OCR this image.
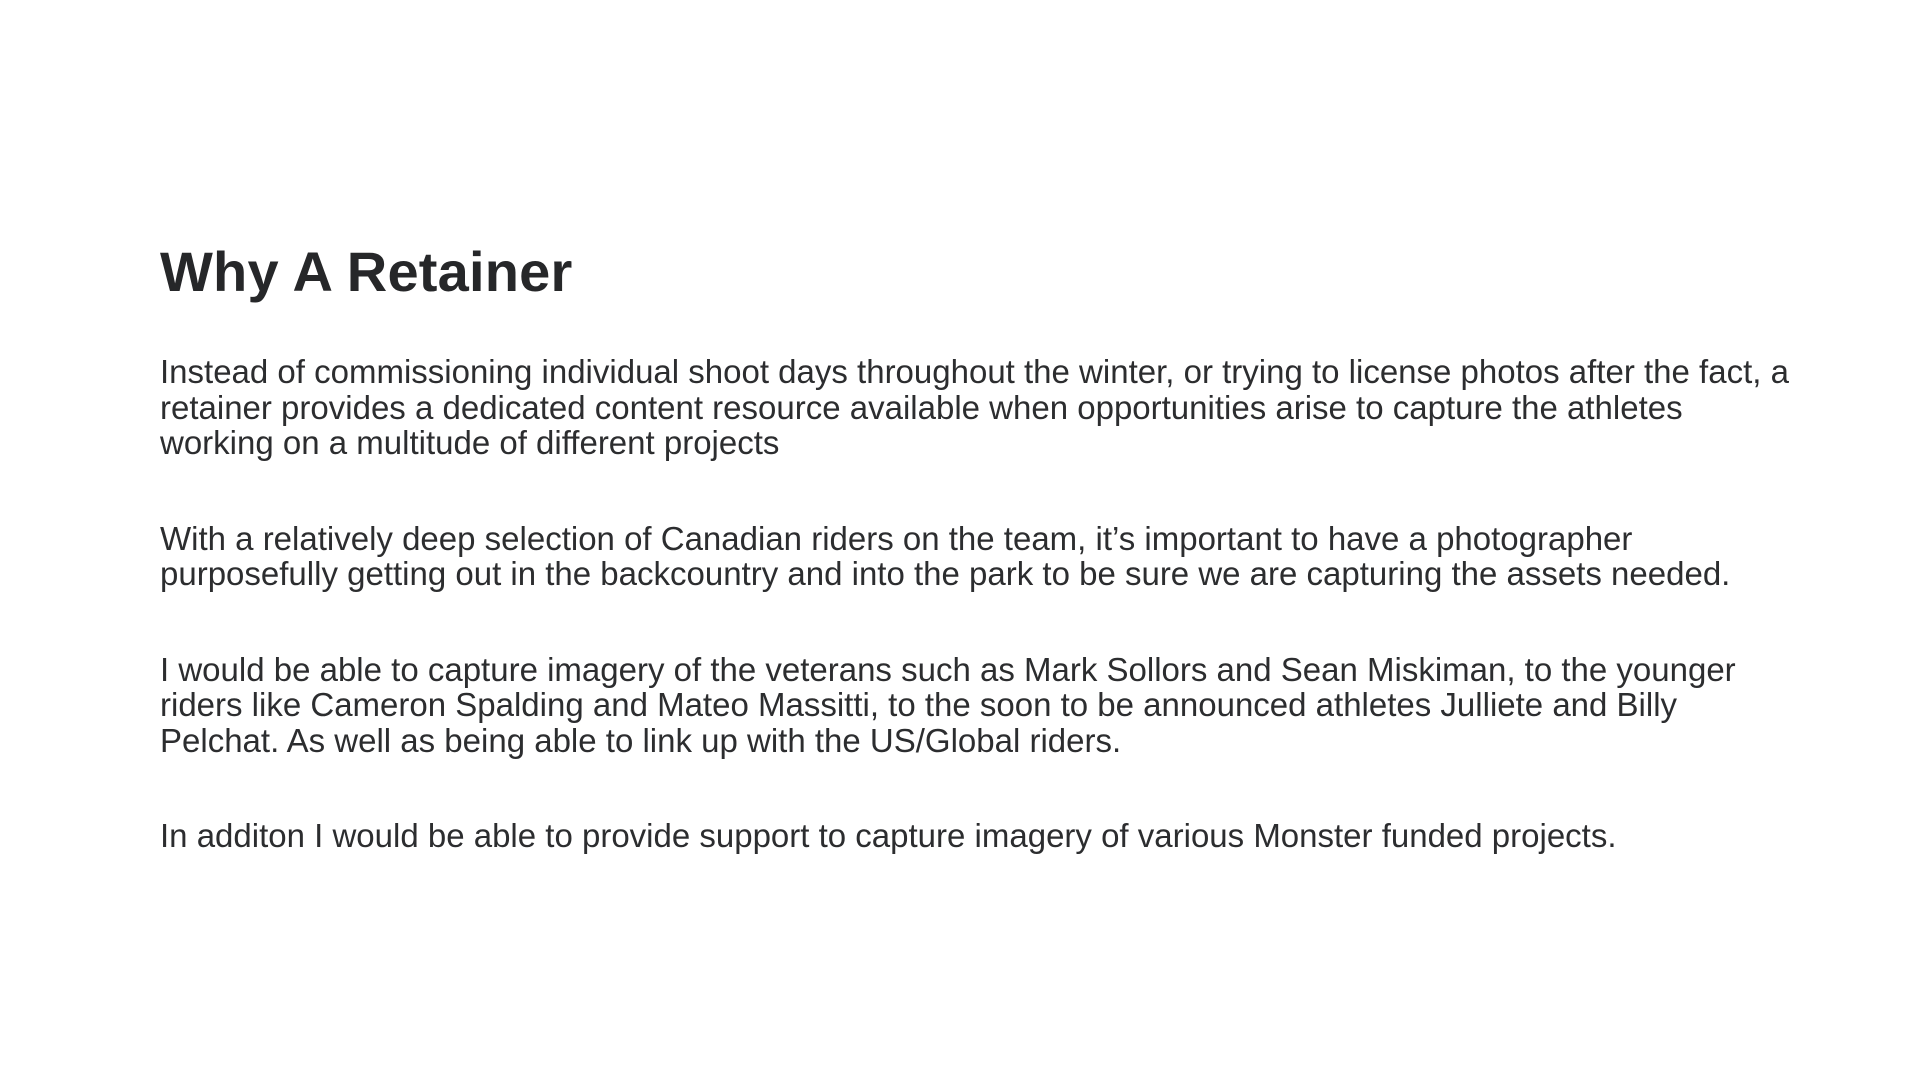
Why A Retainer

Instead of commissioning individual shoot days throughout the winter, or trying to license photos after the fact, a retainer provides a dedicated content resource available when opportunities arise to capture the athletes working on a multitude of different projects

With a relatively deep selection of Canadian riders on the team, it’s important to have a photographer purposefully getting out in the backcountry and into the park to be sure we are capturing the assets needed.

I would be able to capture imagery of the veterans such as Mark Sollors and Sean Miskiman, to the younger riders like Cameron Spalding and Mateo Massitti, to the soon to be announced athletes Julliete and Billy Pelchat. As well as being able to link up with the US/Global riders.

In additon I would be able to provide support to capture imagery of various Monster funded projects.
